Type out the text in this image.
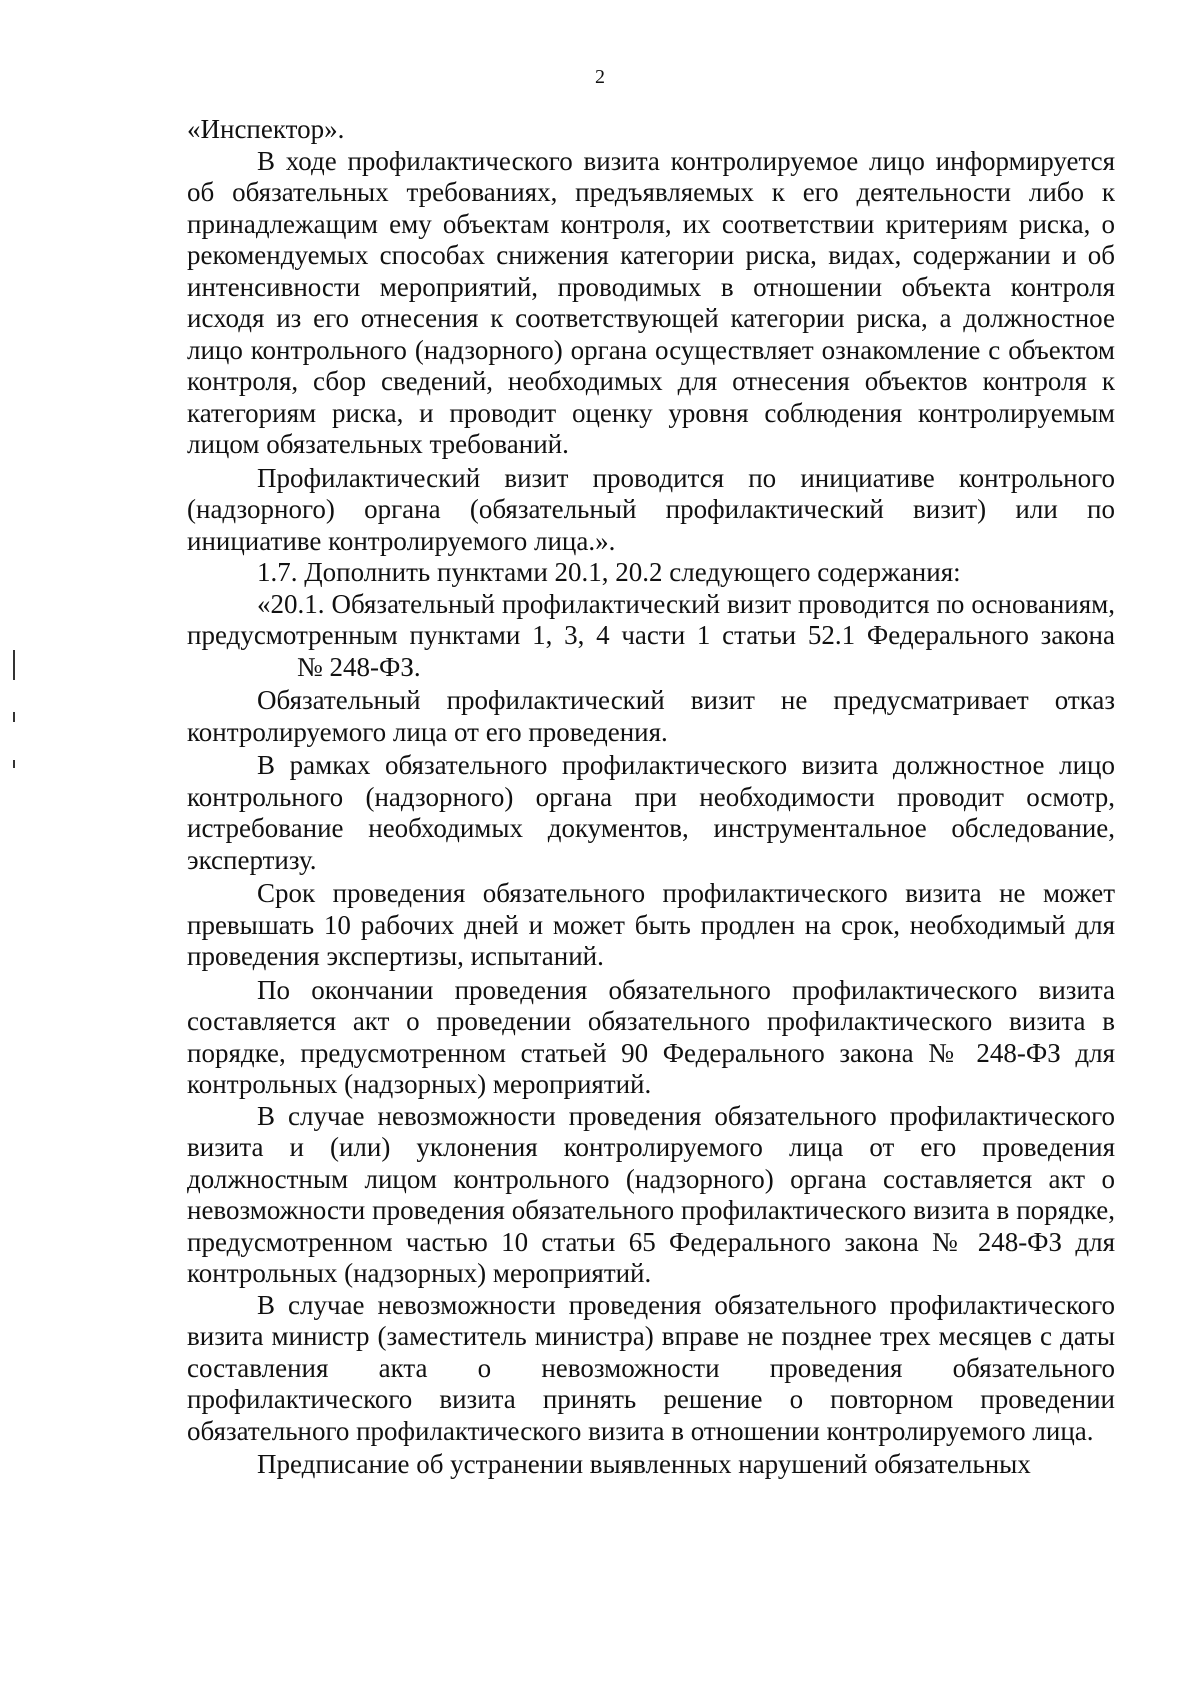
2

«Инспектор».

В ходе профилактического визита контролируемое лицо информируется об обязательных требованиях, предъявляемых к его деятельности либо к принадлежащим ему объектам контроля, их соответствии критериям риска, о рекомендуемых способах снижения категории риска, видах, содержании и об интенсивности мероприятий, проводимых в отношении объекта контроля исходя из его отнесения к соответствующей категории риска, а должностное лицо контрольного (надзорного) органа осуществляет ознакомление с объектом контроля, сбор сведений, необходимых для отнесения объектов контроля к категориям риска, и проводит оценку уровня соблюдения контролируемым лицом обязательных требований.

Профилактический визит проводится по инициативе контрольного (надзорного) органа (обязательный профилактический визит) или по инициативе контролируемого лица.».

1.7. Дополнить пунктами 20.1, 20.2 следующего содержания:

«20.1. Обязательный профилактический визит проводится по основаниям, предусмотренным пунктами 1, 3, 4 части 1 статьи 52.1 Федерального закона№ 248-ФЗ.

Обязательный профилактический визит не предусматривает отказ контролируемого лица от его проведения.

В рамках обязательного профилактического визита должностное лицо контрольного (надзорного) органа при необходимости проводит осмотр, истребование необходимых документов, инструментальное обследование, экспертизу.

Срок проведения обязательного профилактического визита не может превышать 10 рабочих дней и может быть продлен на срок, необходимый для проведения экспертизы, испытаний.

По окончании проведения обязательного профилактического визита составляется акт о проведении обязательного профилактического визита в порядке, предусмотренном статьей 90 Федерального закона № 248-ФЗ для контрольных (надзорных) мероприятий.

В случае невозможности проведения обязательного профилактического визита и (или) уклонения контролируемого лица от его проведения должностным лицом контрольного (надзорного) органа составляется акт о невозможности проведения обязательного профилактического визита в порядке, предусмотренном частью 10 статьи 65 Федерального закона № 248-ФЗ для контрольных (надзорных) мероприятий.

В случае невозможности проведения обязательного профилактического визита министр (заместитель министра) вправе не позднее трех месяцев с даты составления акта о невозможности проведения обязательного профилактического визита принять решение о повторном проведении обязательного профилактического визита в отношении контролируемого лица.

Предписание об устранении выявленных нарушений обязательных
